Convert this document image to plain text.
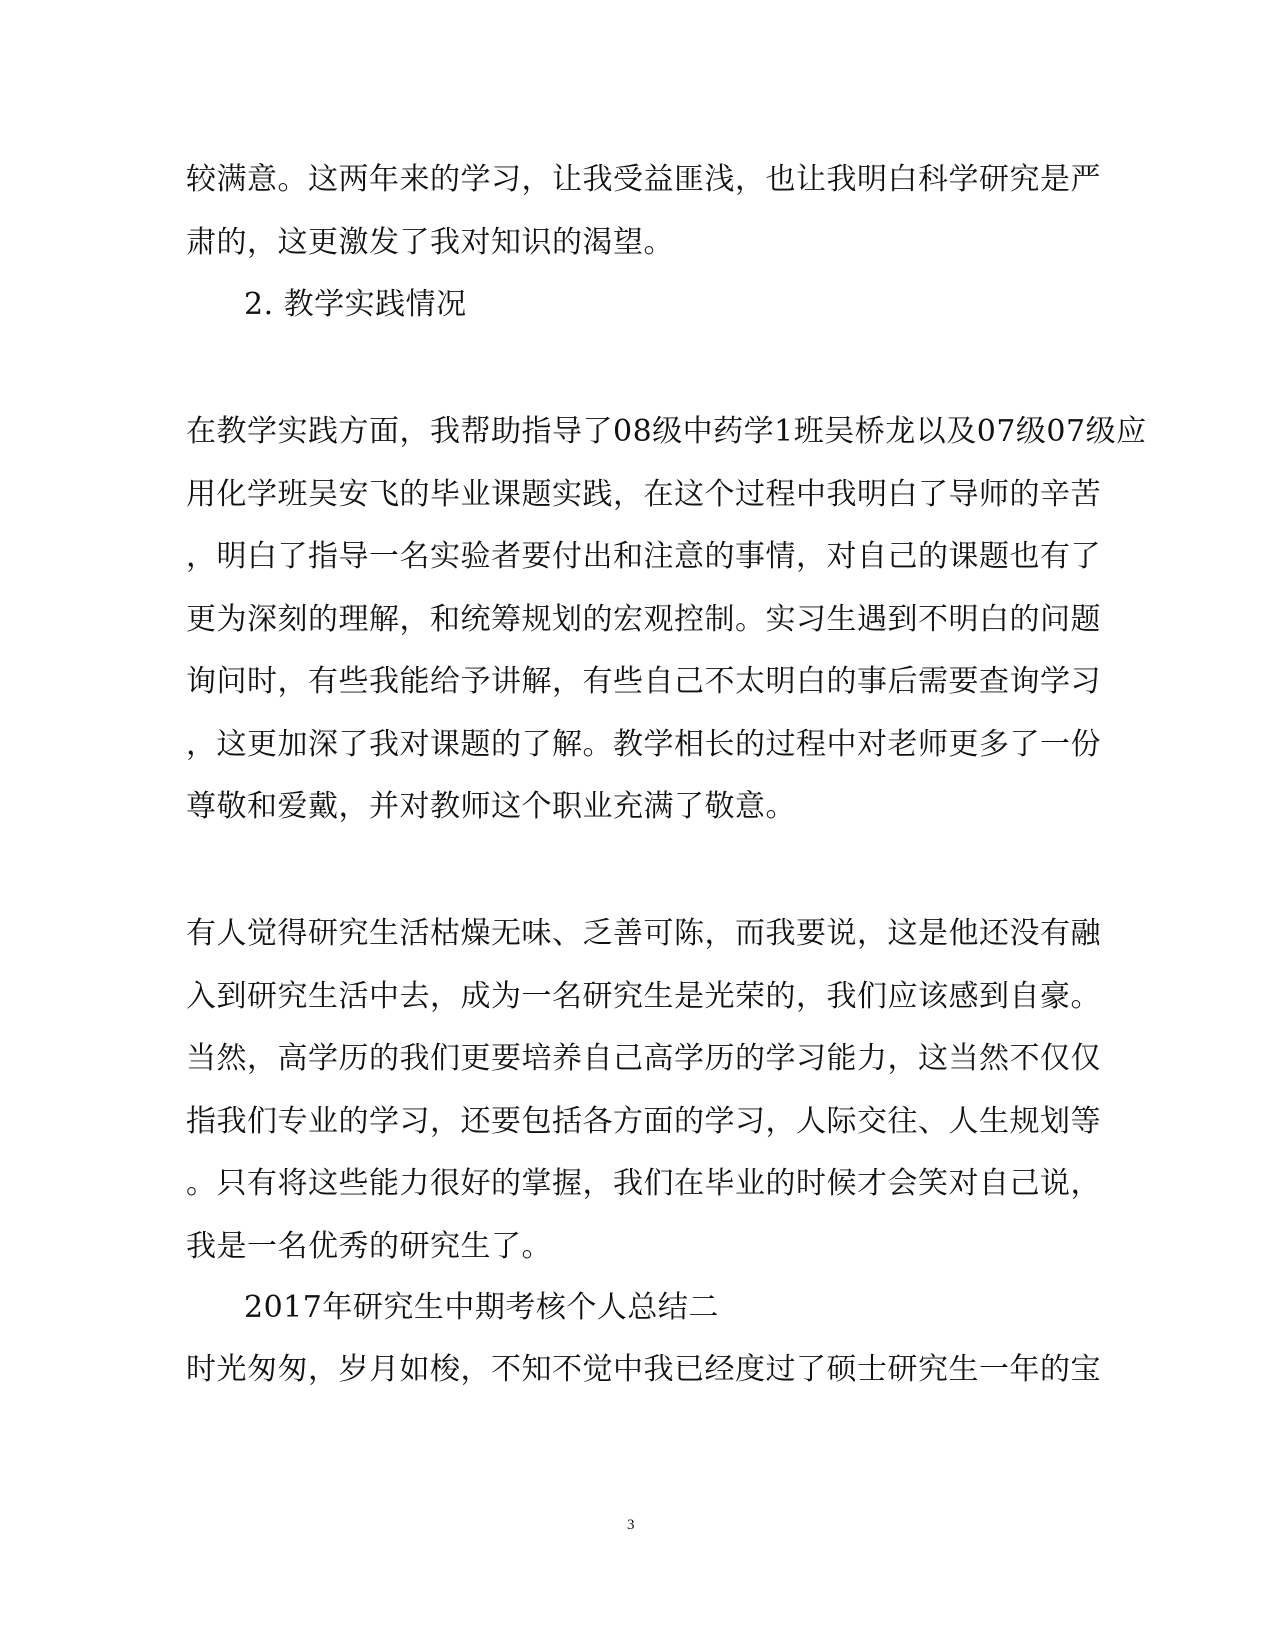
较满意。这两年来的学习，让我受益匪浅，也让我明白科学研究是严
肃的，这更激发了我对知识的渴望。
2. 教学实践情况
在教学实践方面，我帮助指导了08级中药学1班吴桥龙以及07级07级应
用化学班吴安飞的毕业课题实践，在这个过程中我明白了导师的辛苦
，明白了指导一名实验者要付出和注意的事情，对自己的课题也有了
更为深刻的理解，和统筹规划的宏观控制。实习生遇到不明白的问题
询问时，有些我能给予讲解，有些自己不太明白的事后需要查询学习
，这更加深了我对课题的了解。教学相长的过程中对老师更多了一份
尊敬和爱戴，并对教师这个职业充满了敬意。
有人觉得研究生活枯燥无味、乏善可陈，而我要说，这是他还没有融
入到研究生活中去，成为一名研究生是光荣的，我们应该感到自豪。
当然，高学历的我们更要培养自己高学历的学习能力，这当然不仅仅
指我们专业的学习，还要包括各方面的学习，人际交往、人生规划等
。只有将这些能力很好的掌握，我们在毕业的时候才会笑对自己说，
我是一名优秀的研究生了。
2017年研究生中期考核个人总结二
时光匆匆，岁月如梭，不知不觉中我已经度过了硕士研究生一年的宝
3
